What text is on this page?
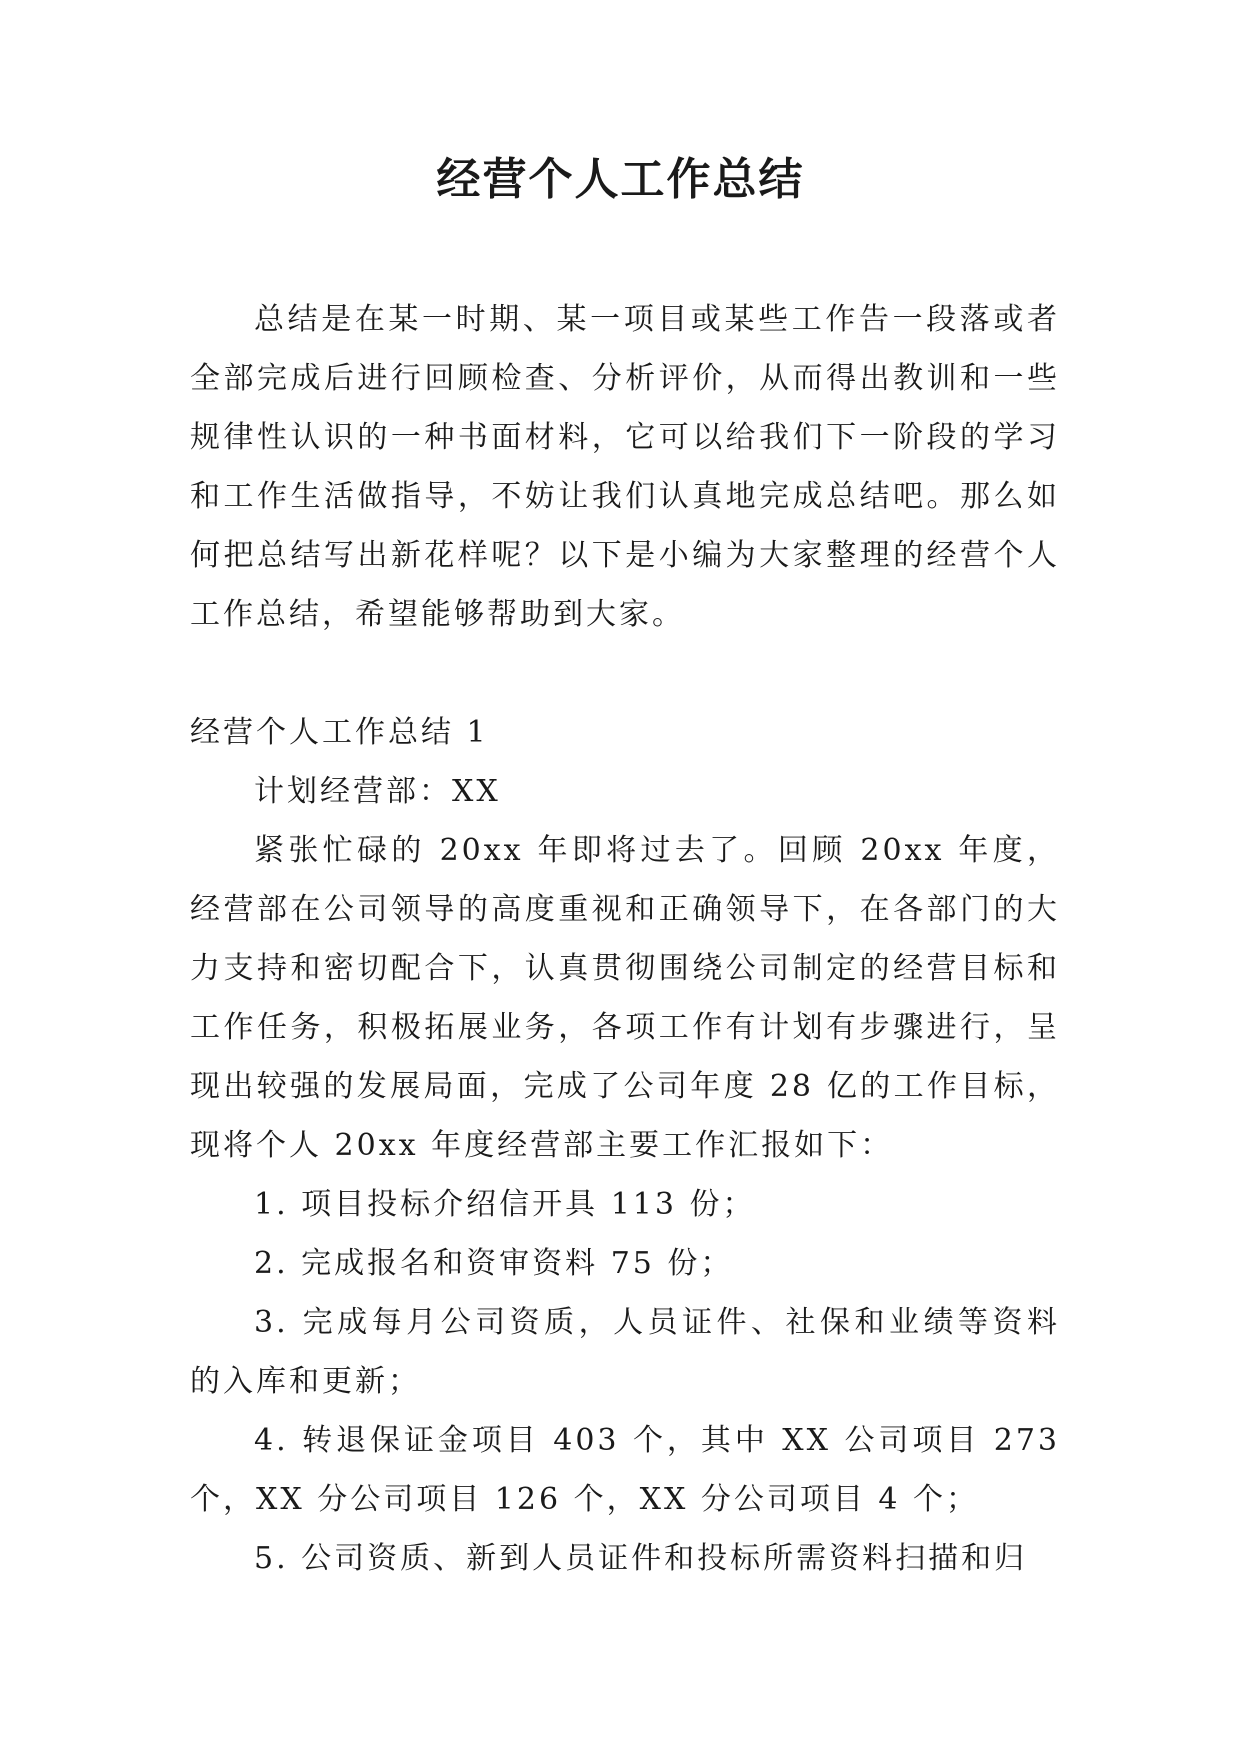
经营个人工作总结

总结是在某一时期、某一项目或某些工作告一段落或者全部完成后进行回顾检查、分析评价，从而得出教训和一些规律性认识的一种书面材料，它可以给我们下一阶段的学习和工作生活做指导，不妨让我们认真地完成总结吧。那么如何把总结写出新花样呢？以下是小编为大家整理的经营个人工作总结，希望能够帮助到大家。

经营个人工作总结 1

计划经营部：XX

紧张忙碌的 20xx 年即将过去了。回顾 20xx 年度，经营部在公司领导的高度重视和正确领导下，在各部门的大力支持和密切配合下，认真贯彻围绕公司制定的经营目标和工作任务，积极拓展业务，各项工作有计划有步骤进行，呈现出较强的发展局面，完成了公司年度 28 亿的工作目标，现将个人 20xx 年度经营部主要工作汇报如下：

1. 项目投标介绍信开具 113 份；

2. 完成报名和资审资料 75 份；

3. 完成每月公司资质，人员证件、社保和业绩等资料的入库和更新；

4. 转退保证金项目 403 个，其中 XX 公司项目 273 个，XX 分公司项目 126 个，XX 分公司项目 4 个；

5. 公司资质、新到人员证件和投标所需资料扫描和归
